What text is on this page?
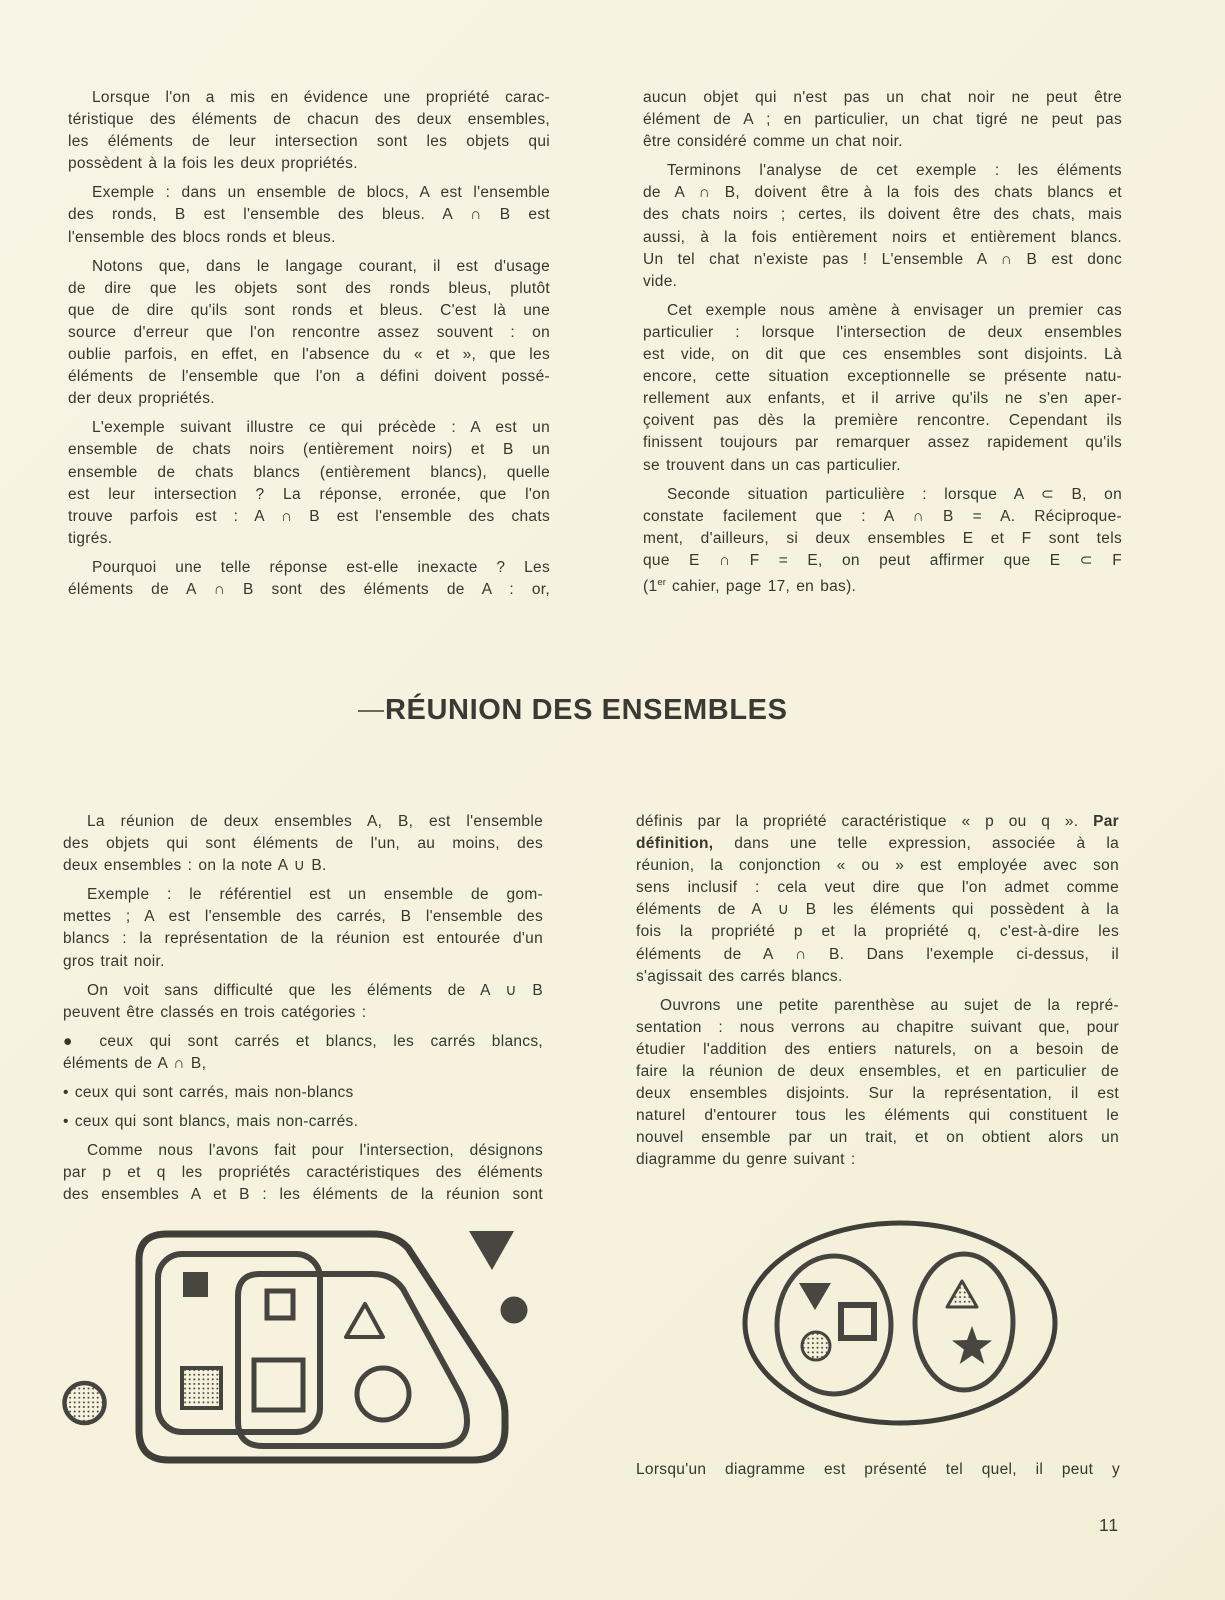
Lorsque l'on a mis en évidence une propriété carac-
téristique des éléments de chacun des deux ensembles,
les éléments de leur intersection sont les objets qui
possèdent à la fois les deux propriétés.
Exemple : dans un ensemble de blocs, A est l'ensemble
des ronds, B est l'ensemble des bleus. A ∩ B est
l'ensemble des blocs ronds et bleus.
Notons que, dans le langage courant, il est d'usage
de dire que les objets sont des ronds bleus, plutôt
que de dire qu'ils sont ronds et bleus. C'est là une
source d'erreur que l'on rencontre assez souvent : on
oublie parfois, en effet, en l'absence du « et », que les
éléments de l'ensemble que l'on a défini doivent possé-
der deux propriétés.
L'exemple suivant illustre ce qui précède : A est un
ensemble de chats noirs (entièrement noirs) et B un
ensemble de chats blancs (entièrement blancs), quelle
est leur intersection ? La réponse, erronée, que l'on
trouve parfois est : A ∩ B est l'ensemble des chats
tigrés.
Pourquoi une telle réponse est-elle inexacte ? Les
éléments de A ∩ B sont des éléments de A : or,
aucun objet qui n'est pas un chat noir ne peut être
élément de A ; en particulier, un chat tigré ne peut pas
être considéré comme un chat noir.
Terminons l'analyse de cet exemple : les éléments
de A ∩ B, doivent être à la fois des chats blancs et
des chats noirs ; certes, ils doivent être des chats, mais
aussi, à la fois entièrement noirs et entièrement blancs.
Un tel chat n'existe pas ! L'ensemble A ∩ B est donc
vide.
Cet exemple nous amène à envisager un premier cas
particulier : lorsque l'intersection de deux ensembles
est vide, on dit que ces ensembles sont disjoints. Là
encore, cette situation exceptionnelle se présente natu-
rellement aux enfants, et il arrive qu'ils ne s'en aper-
çoivent pas dès la première rencontre. Cependant ils
finissent toujours par remarquer assez rapidement qu'ils
se trouvent dans un cas particulier.
Seconde situation particulière : lorsque A ⊂ B, on
constate facilement que : A ∩ B = A. Réciproque-
ment, d'ailleurs, si deux ensembles E et F sont tels
que E ∩ F = E, on peut affirmer que E ⊂ F
(1er cahier, page 17, en bas).
RÉUNION DES ENSEMBLES
La réunion de deux ensembles A, B, est l'ensemble
des objets qui sont éléments de l'un, au moins, des
deux ensembles : on la note A ∪ B.
Exemple : le référentiel est un ensemble de gom-
mettes ; A est l'ensemble des carrés, B l'ensemble des
blancs : la représentation de la réunion est entourée d'un
gros trait noir.
On voit sans difficulté que les éléments de A ∪ B
peuvent être classés en trois catégories :
● ceux qui sont carrés et blancs, les carrés blancs,
éléments de A ∩ B,
• ceux qui sont carrés, mais non-blancs
• ceux qui sont blancs, mais non-carrés.
Comme nous l'avons fait pour l'intersection, désignons
par p et q les propriétés caractéristiques des éléments
des ensembles A et B : les éléments de la réunion sont
définis par la propriété caractéristique « p ou q ». Par
définition, dans une telle expression, associée à la
réunion, la conjonction « ou » est employée avec son
sens inclusif : cela veut dire que l'on admet comme
éléments de A ∪ B les éléments qui possèdent à la
fois la propriété p et la propriété q, c'est-à-dire les
éléments de A ∩ B. Dans l'exemple ci-dessus, il
s'agissait des carrés blancs.
Ouvrons une petite parenthèse au sujet de la repré-
sentation : nous verrons au chapitre suivant que, pour
étudier l'addition des entiers naturels, on a besoin de
faire la réunion de deux ensembles, et en particulier de
deux ensembles disjoints. Sur la représentation, il est
naturel d'entourer tous les éléments qui constituent le
nouvel ensemble par un trait, et on obtient alors un
diagramme du genre suivant :
Lorsqu'un diagramme est présenté tel quel, il peut y
11
